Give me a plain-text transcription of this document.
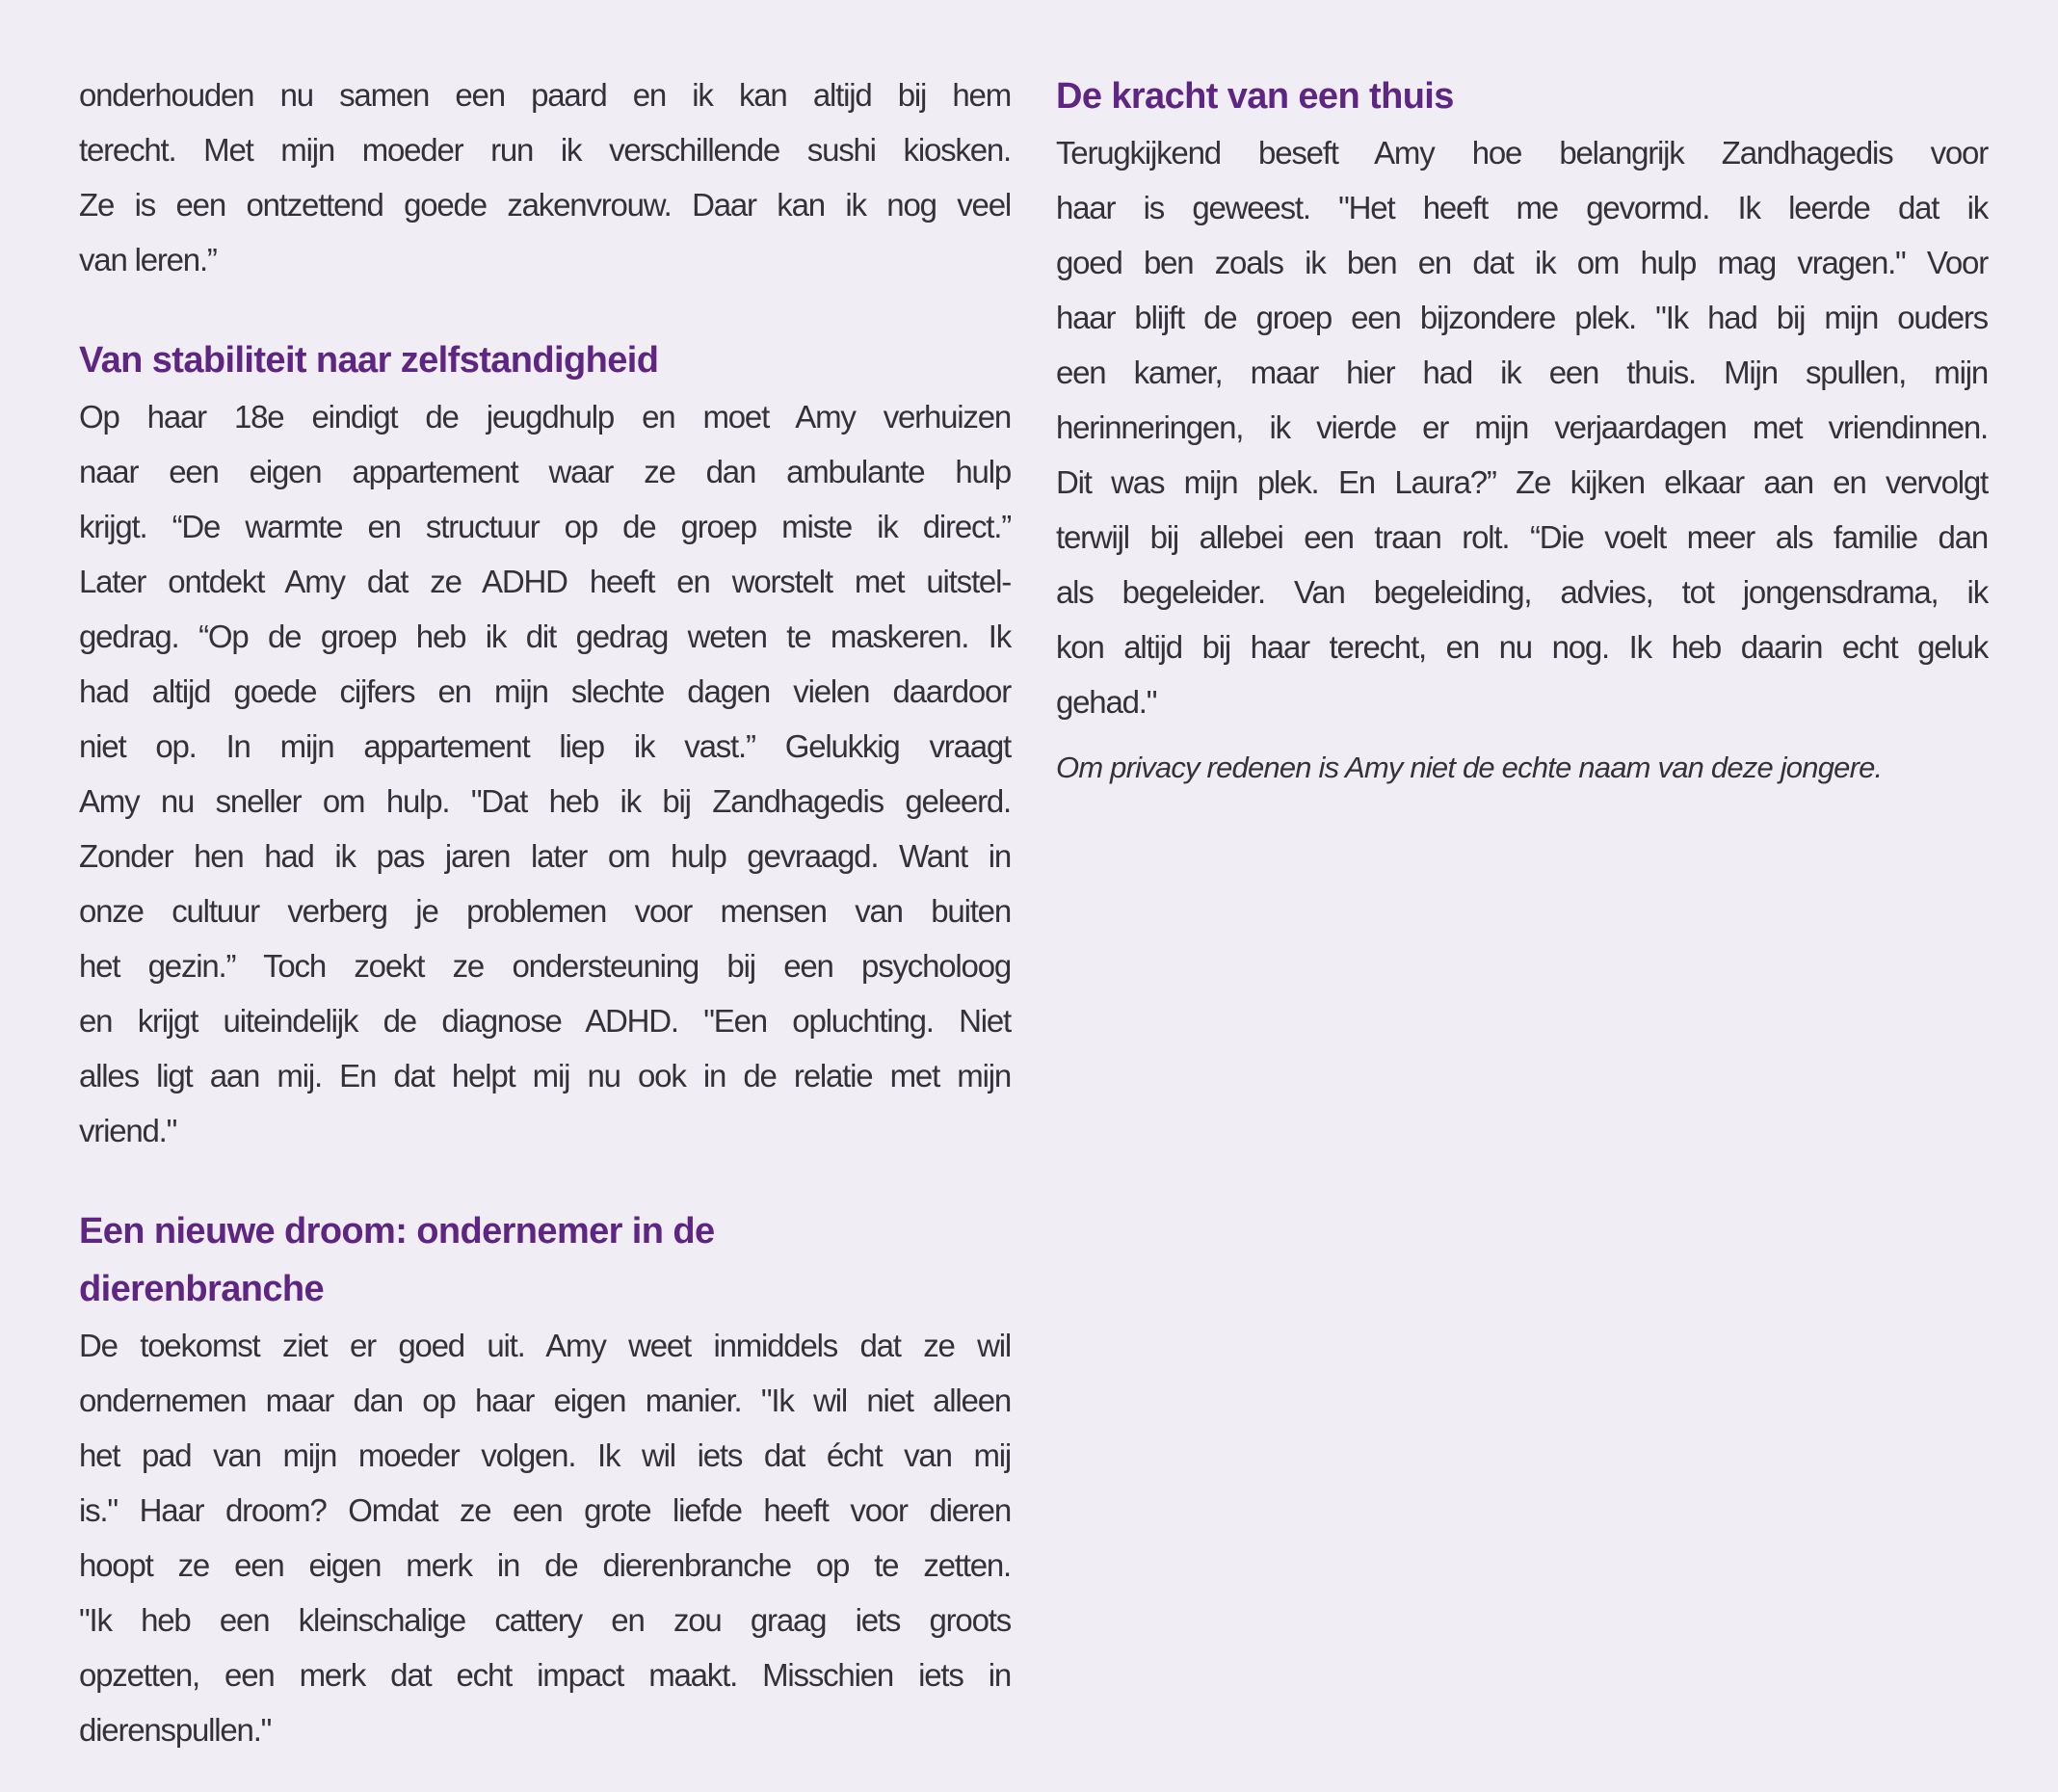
onderhouden nu samen een paard en ik kan altijd bij hem
terecht. Met mijn moeder run ik verschillende sushi kiosken.
Ze is een ontzettend goede zakenvrouw. Daar kan ik nog veel
van leren.”
Van stabiliteit naar zelfstandigheid
Op haar 18e eindigt de jeugdhulp en moet Amy verhuizen
naar een eigen appartement waar ze dan ambulante hulp
krijgt. “De warmte en structuur op de groep miste ik direct.”
Later ontdekt Amy dat ze ADHD heeft en worstelt met uitstel-
gedrag. “Op de groep heb ik dit gedrag weten te maskeren. Ik
had altijd goede cijfers en mijn slechte dagen vielen daardoor
niet op. In mijn appartement liep ik vast.” Gelukkig vraagt
Amy nu sneller om hulp. "Dat heb ik bij Zandhagedis geleerd.
Zonder hen had ik pas jaren later om hulp gevraagd. Want in
onze cultuur verberg je problemen voor mensen van buiten
het gezin.” Toch zoekt ze ondersteuning bij een psycholoog
en krijgt uiteindelijk de diagnose ADHD. "Een opluchting. Niet
alles ligt aan mij. En dat helpt mij nu ook in de relatie met mijn
vriend."
Een nieuwe droom: ondernemer in de
dierenbranche
De toekomst ziet er goed uit. Amy weet inmiddels dat ze wil
ondernemen maar dan op haar eigen manier. "Ik wil niet alleen
het pad van mijn moeder volgen. Ik wil iets dat écht van mij
is." Haar droom? Omdat ze een grote liefde heeft voor dieren
hoopt ze een eigen merk in de dierenbranche op te zetten.
"Ik heb een kleinschalige cattery en zou graag iets groots
opzetten, een merk dat echt impact maakt. Misschien iets in
dierenspullen."
De kracht van een thuis
Terugkijkend beseft Amy hoe belangrijk Zandhagedis voor
haar is geweest. "Het heeft me gevormd. Ik leerde dat ik
goed ben zoals ik ben en dat ik om hulp mag vragen." Voor
haar blijft de groep een bijzondere plek. "Ik had bij mijn ouders
een kamer, maar hier had ik een thuis. Mijn spullen, mijn
herinneringen, ik vierde er mijn verjaardagen met vriendinnen.
Dit was mijn plek. En Laura?” Ze kijken elkaar aan en vervolgt
terwijl bij allebei een traan rolt. “Die voelt meer als familie dan
als begeleider. Van begeleiding, advies, tot jongensdrama, ik
kon altijd bij haar terecht, en nu nog. Ik heb daarin echt geluk
gehad."
Om privacy redenen is Amy niet de echte naam van deze jongere.
